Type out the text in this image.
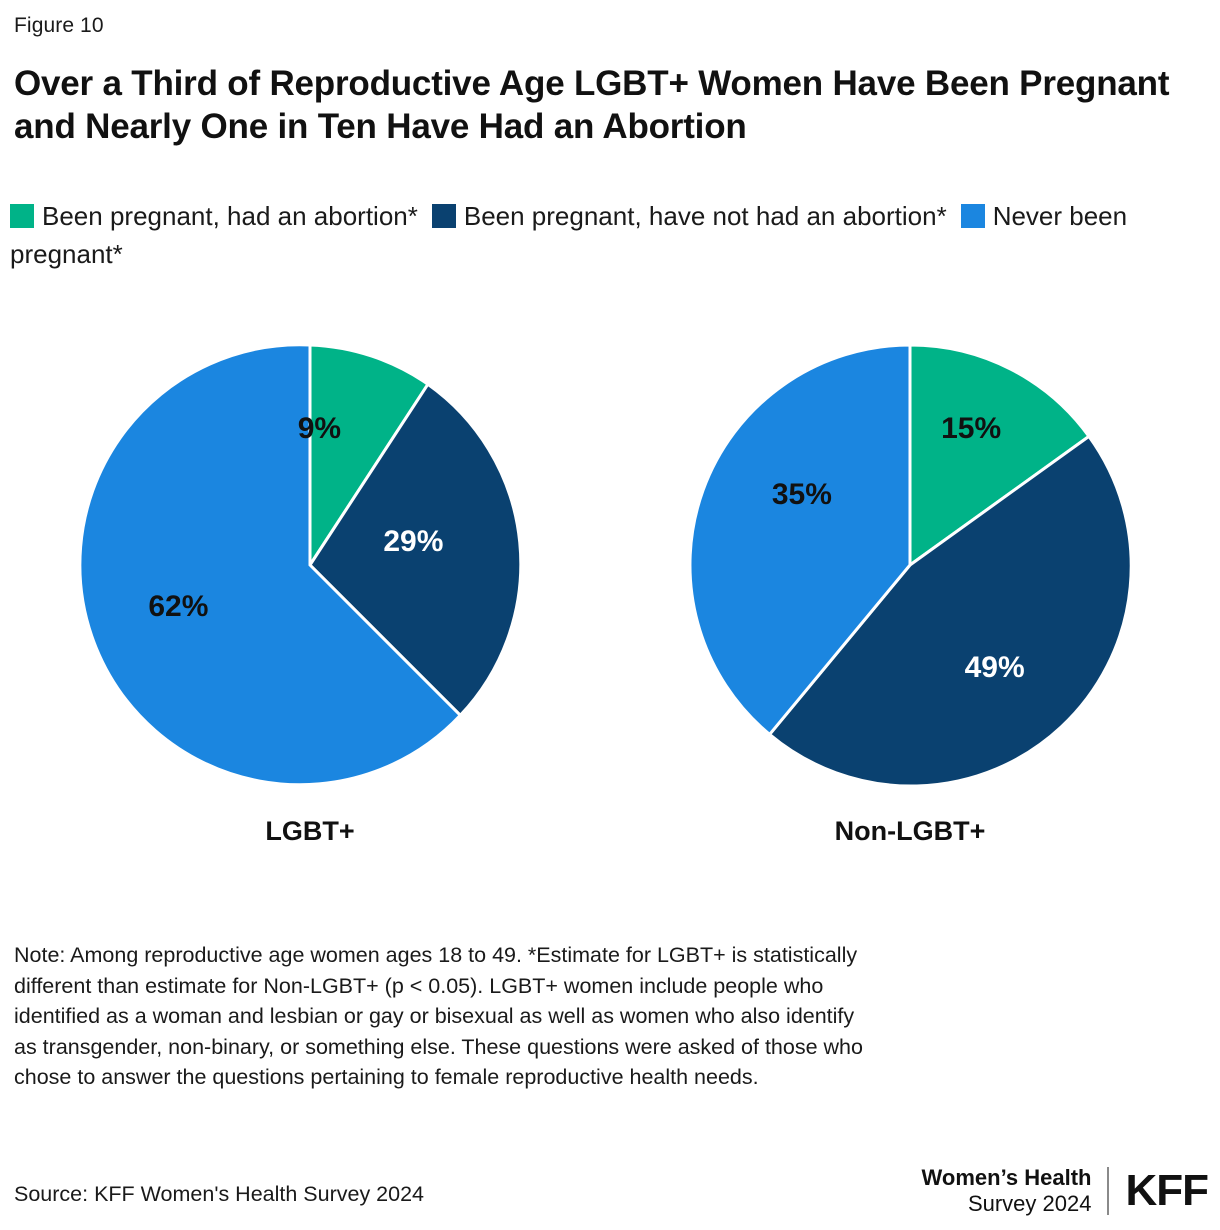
Figure 10
Over a Third of Reproductive Age LGBT+ Women Have Been Pregnant and Nearly One in Ten Have Had an Abortion
Been pregnant, had an abortion* Been pregnant, have not had an abortion* Never been pregnant*
9%
29%
62%
LGBT+
15%
49%
35%
Non-LGBT+
Note: Among reproductive age women ages 18 to 49. *Estimate for LGBT+ is statistically different than estimate for Non-LGBT+ (p < 0.05). LGBT+ women include people who identified as a woman and lesbian or gay or bisexual as well as women who also identify as transgender, non-binary, or something else. These questions were asked of those who chose to answer the questions pertaining to female reproductive health needs.
Source: KFF Women's Health Survey 2024
Women’s Health
Survey 2024 KFF
